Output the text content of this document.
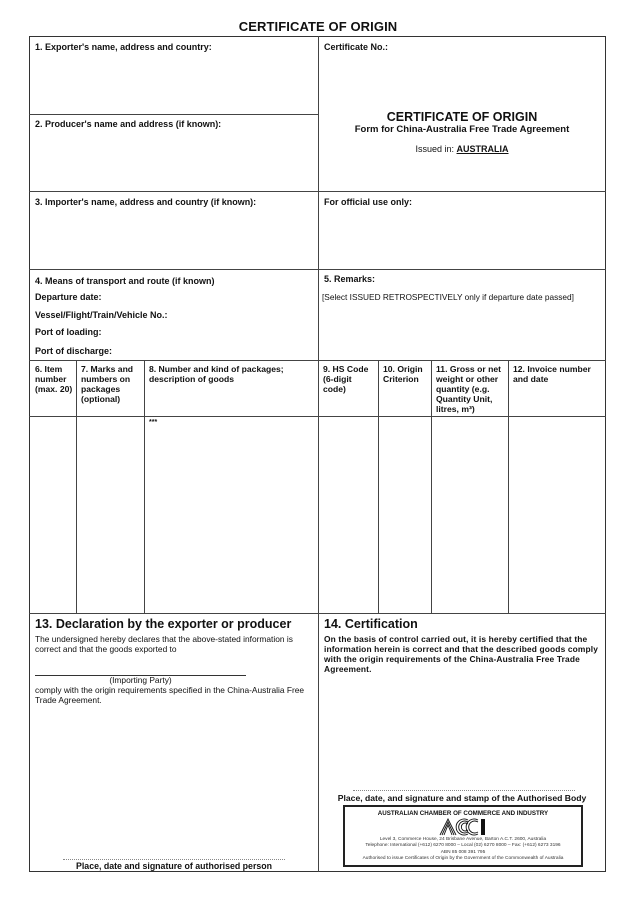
CERTIFICATE OF ORIGIN
1. Exporter's name, address and country:
2. Producer's name and address (if known):
Certificate No.:
CERTIFICATE OF ORIGIN
Form for China-Australia Free Trade Agreement
Issued in: AUSTRALIA
3. Importer's name, address and country (if known):	For official use only:
4. Means of transport and route (if known)
Departure date:
Vessel/Flight/Train/Vehicle No.:
Port of loading:
Port of discharge:
5. Remarks:
[Select ISSUED RETROSPECTIVELY only if departure date passed]
6. Item number (max. 20)
7. Marks and numbers on packages (optional)
8. Number and kind of packages; description of goods
9. HS Code (6-digit code)
10. Origin Criterion
11. Gross or net weight or other quantity (e.g. Quantity Unit, litres, m³)
12. Invoice number and date
***
13. Declaration by the exporter or producer
The undersigned hereby declares that the above-stated information is correct and that the goods exported to
(Importing Party)
comply with the origin requirements specified in the China-Australia Free Trade Agreement.
Place, date and signature of authorised person
14. Certification
On the basis of control carried out, it is hereby certified that the information herein is correct and that the described goods comply with the origin requirements of the China-Australia Free Trade Agreement.
Place, date, and signature and stamp of the Authorised Body
AUSTRALIAN CHAMBER OF COMMERCE AND INDUSTRY
Level 3, Commerce House, 24 Brisbane Avenue, Barton A.C.T. 2600, Australia
Telephone: International (+612) 6270 8000 – Local (02) 6270 8000 – Fax: (+612) 6273 3196
ABN 85 008 391 795
Authorised to issue Certificates of Origin by the Government of the Commonwealth of Australia
